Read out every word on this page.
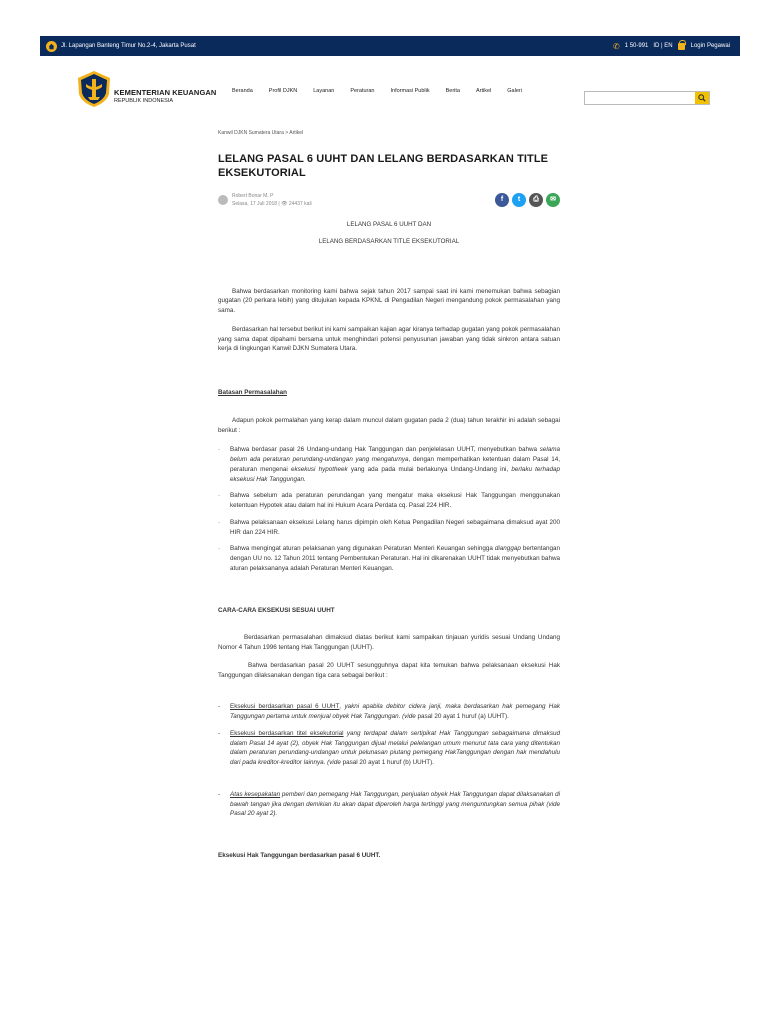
Jl. Lapangan Banteng Timur No.2-4, Jakarta Pusat	✆ 1 50-991 ID | EN	Login Pegawai
KEMENTERIAN KEUANGAN
REPUBLIK INDONESIA
Beranda	Profil DJKN	Layanan	Peraturan	Informasi Publik	Berita	Artikel	Galeri
Kanwil DJKN Sumatera Utara > Artikel
LELANG PASAL 6 UUHT DAN LELANG BERDASARKAN TITLE EKSEKUTORIAL
Robert Bonar M. P
Selasa, 17 Juli 2018 | 👁 24437 kali
f	t	⎙	✉
LELANG PASAL 6 UUHT DAN
LELANG BERDASARKAN TITLE EKSEKUTORIAL

Bahwa berdasarkan monitoring kami bahwa sejak tahun 2017 sampai saat ini kami menemukan bahwa sebagian gugatan (20 perkara lebih) yang ditujukan kepada KPKNL di Pengadilan Negeri mengandung pokok permasalahan yang sama.

Berdasarkan hal tersebut berikut ini kami sampaikan kajian agar kiranya terhadap gugatan yang pokok permasalahan yang sama dapat dipahami bersama untuk menghindari potensi penyusunan jawaban yang tidak sinkron antara satuan kerja di lingkungan Kanwil DJKN Sumatera Utara.

Batasan Permasalahan

Adapun pokok permalahan yang kerap dalam muncul dalam gugatan pada 2 (dua) tahun terakhir ini adalah sebagai berikut :

·	Bahwa berdasar pasal 26 Undang-undang Hak Tanggungan dan penjelelasan UUHT, menyebutkan bahwa selama belum ada peraturan perundang-undangan yang mengaturnya, dengan memperhatikan ketentuan dalam Pasal 14, peraturan mengenai eksekusi hypotheek yang ada pada mulai berlakunya Undang-Undang ini, berlaku terhadap eksekusi Hak Tanggungan.
·	Bahwa sebelum ada peraturan perundangan yang mengatur maka eksekusi Hak Tanggungan menggunakan ketentuan Hypotek atau dalam hal ini Hukum Acara Perdata cq. Pasal 224 HIR.
·	Bahwa pelaksanaan eksekusi Lelang harus dipimpin oleh Ketua Pengadilan Negeri sebagaimana dimaksud ayat 200 HIR dan 224 HIR.
·	Bahwa mengingat aturan pelaksanan yang digunakan Peraturan Menteri Keuangan sehingga dianggap bertentangan dengan UU no. 12 Tahun 2011 tentang Pembentukan Peraturan. Hal ini dikarenakan UUHT tidak menyebutkan bahwa aturan pelaksananya adalah Peraturan Menteri Keuangan.
CARA-CARA EKSEKUSI SESUAI UUHT

Berdasarkan permasalahan dimaksud diatas berikut kami sampaikan tinjauan yuridis sesuai Undang Undang Nomor 4 Tahun 1996 tentang Hak Tanggungan (UUHT).

Bahwa berdasarkan pasal 20 UUHT sesungguhnya dapat kita temukan bahwa pelaksanaan eksekusi Hak Tanggungan dilaksanakan dengan tiga cara sebagai berikut :

-	Eksekusi berdasarkan pasal 6 UUHT, yakni apabila debitor cidera janji, maka berdasarkan hak pemegang Hak Tanggungan pertama untuk menjual obyek Hak Tanggungan. (vide pasal 20 ayat 1 huruf (a) UUHT).
-	Eksekusi berdasarkan titel eksekutorial yang terdapat dalam sertipikat Hak Tanggungan sebagaimana dimaksud dalam Pasal 14 ayat (2), obyek Hak Tanggungan dijual melalui pelelangan umum menurut tata cara yang ditentukan dalam peraturan perundang-undangan untuk pelunasan piutang pemegang HakTanggungan dengan hak mendahulu dari pada kreditor-kreditor lainnya. (vide pasal 20 ayat 1 huruf (b) UUHT).
-	Atas kesepakatan pemberi dan pemegang Hak Tanggungan, penjualan obyek Hak Tanggungan dapat dilaksanakan di bawah tangan jika dengan demikian itu akan dapat diperoleh harga tertinggi yang menguntungkan semua pihak (vide Pasal 20 ayat 2).
Eksekusi Hak Tanggungan berdasarkan pasal 6 UUHT.
